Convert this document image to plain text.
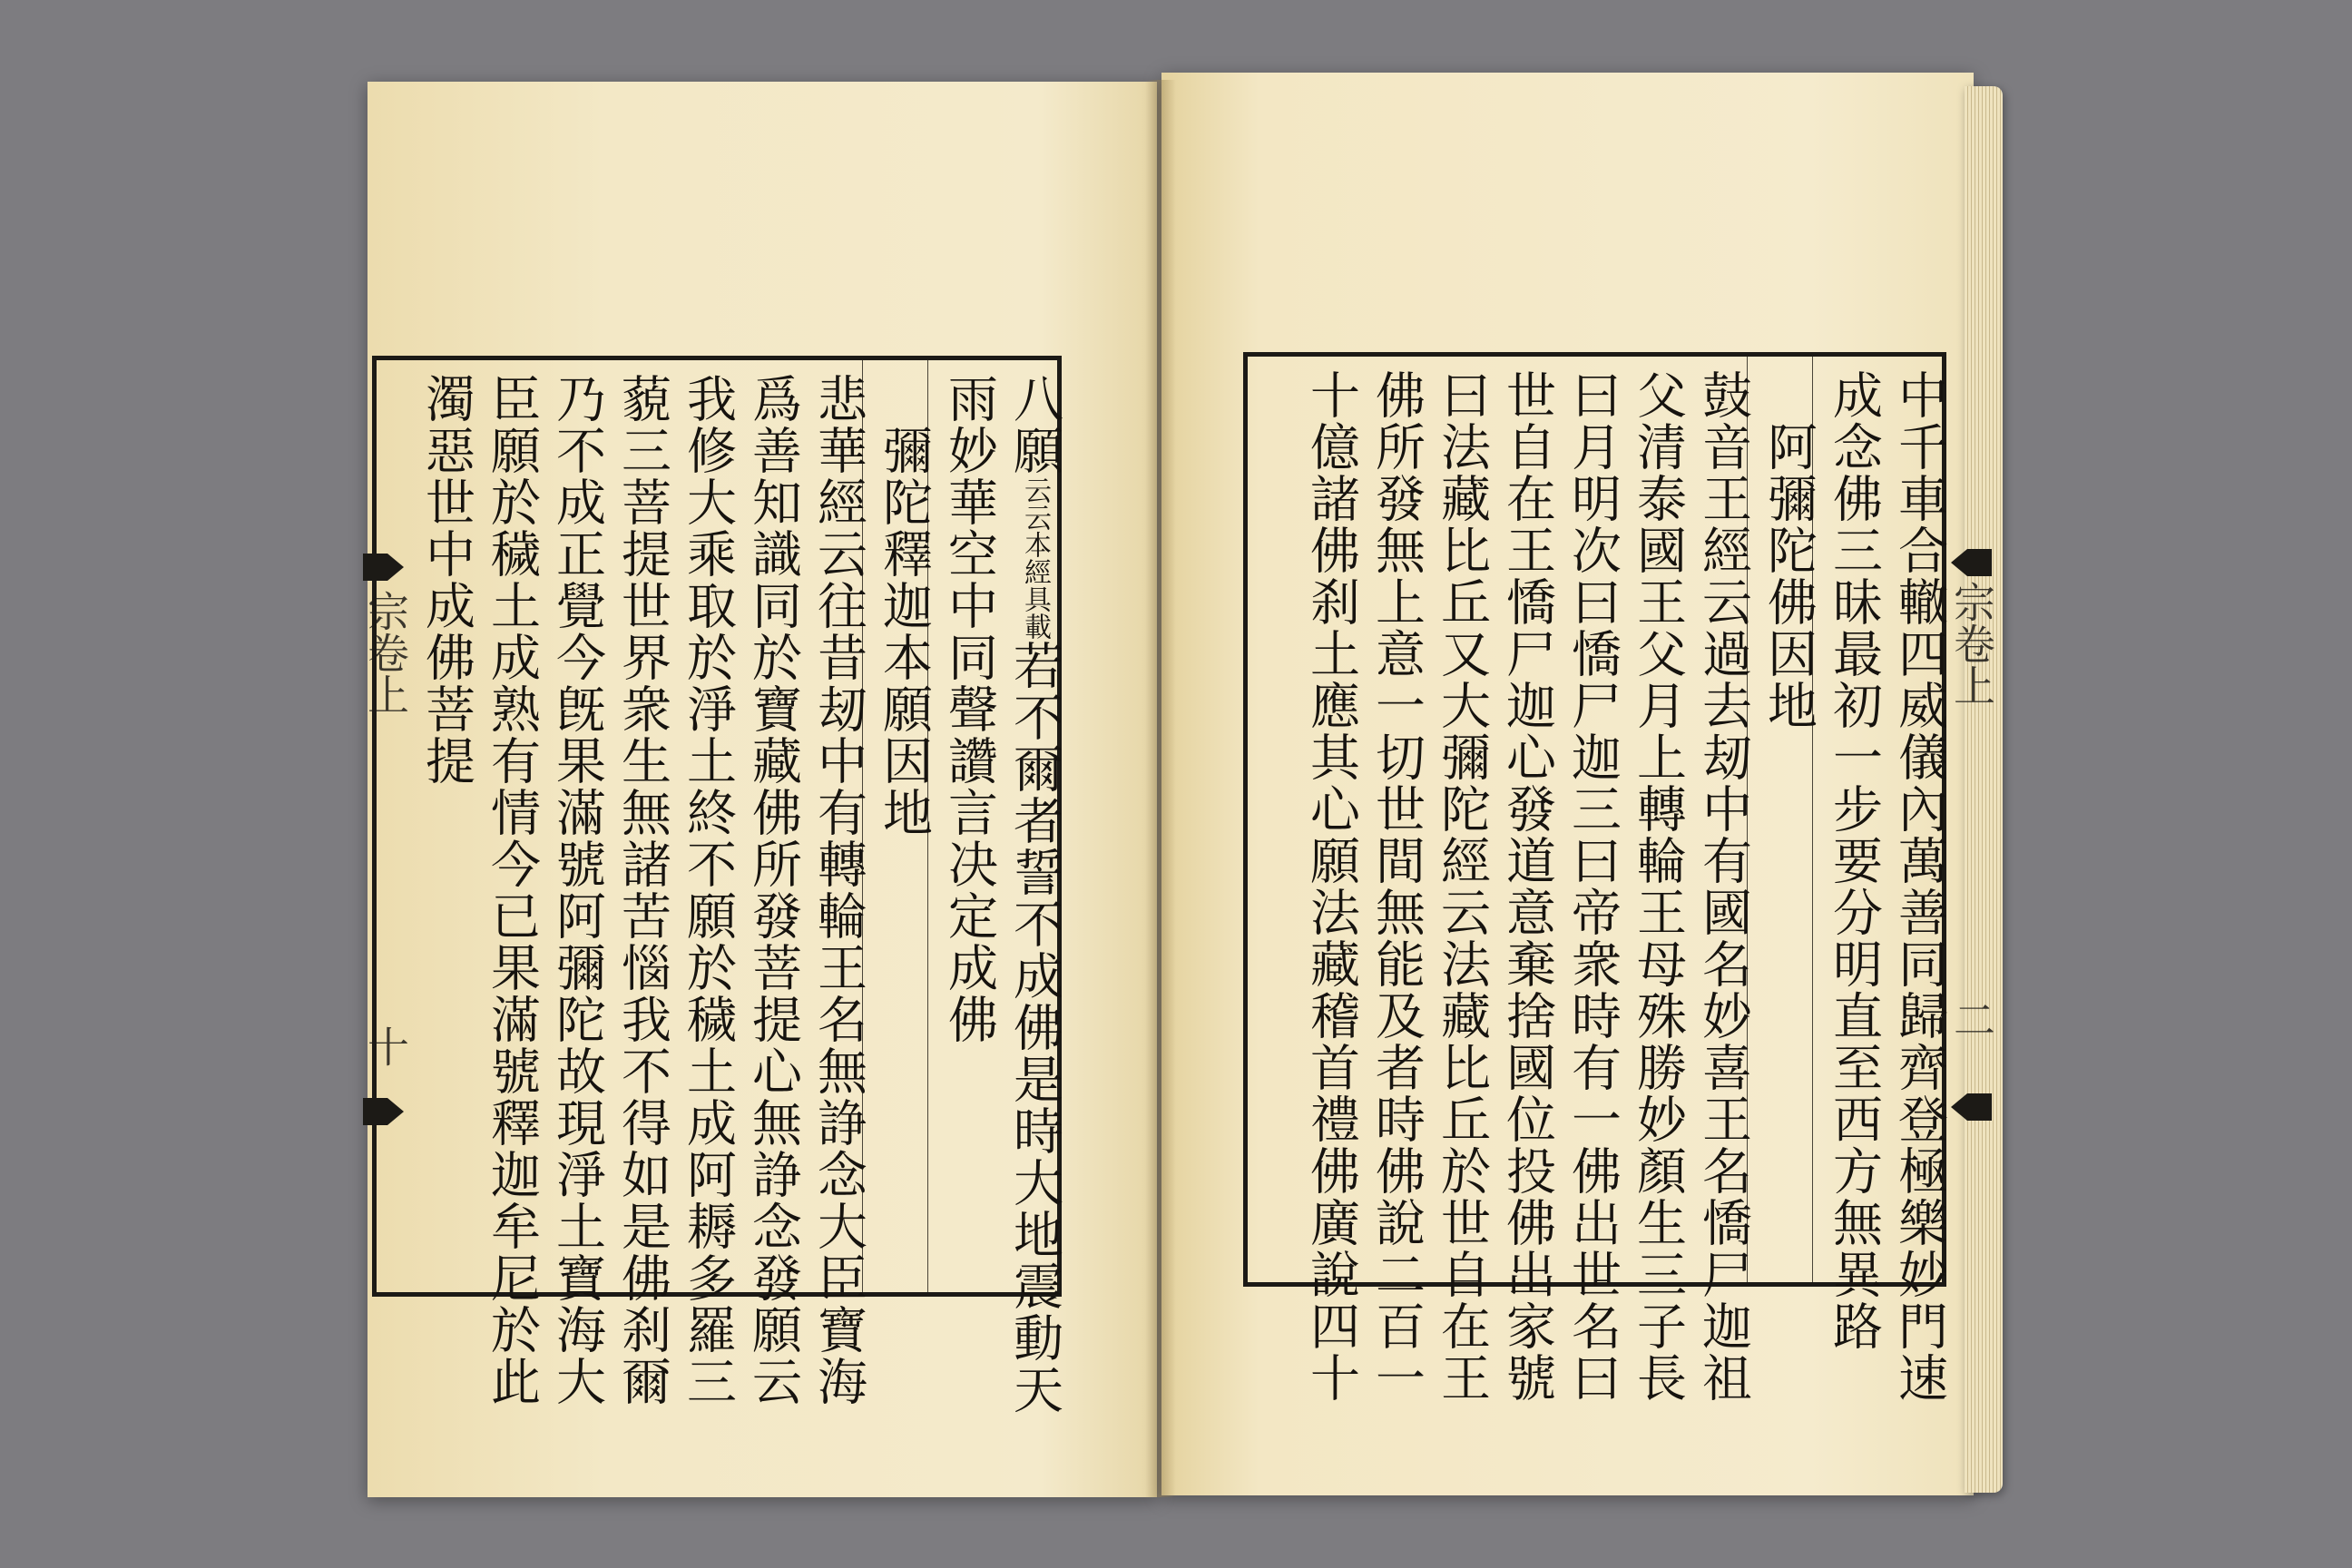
八願云云本經具載若不爾者誓不成佛是時大地震動天
雨妙華空中同聲讚言决定成佛
　彌陀釋迦本願因地
悲華經云往昔刼中有轉輪王名無諍念大臣寶海
爲善知識同於寶藏佛所發菩提心無諍念發願云
我修大乘取於淨土終不願於穢土成阿耨多羅三
藐三菩提世界衆生無諸苦惱我不得如是佛刹爾
乃不成正覺今旣果滿號阿彌陀故現淨土寶海大
臣願於穢土成熟有情今已果滿號釋迦牟尼於此
濁惡世中成佛菩提
宗卷上
十	中千車合轍四威儀內萬善同歸齊登極樂妙門速
成念佛三昧最初一步要分明直至西方無異路
　阿彌陀佛因地
鼓音王經云過去刼中有國名妙喜王名憍尸迦祖
父清泰國王父月上轉輪王母殊勝妙顏生三子長
曰月明次曰憍尸迦三曰帝衆時有一佛出世名曰
世自在王憍尸迦心發道意棄捨國位投佛出家號
曰法藏比丘又大彌陀經云法藏比丘於世自在王
佛所發無上意一切世間無能及者時佛說二百一
十億諸佛刹土應其心願法藏稽首禮佛廣說四十	宗卷上
二
